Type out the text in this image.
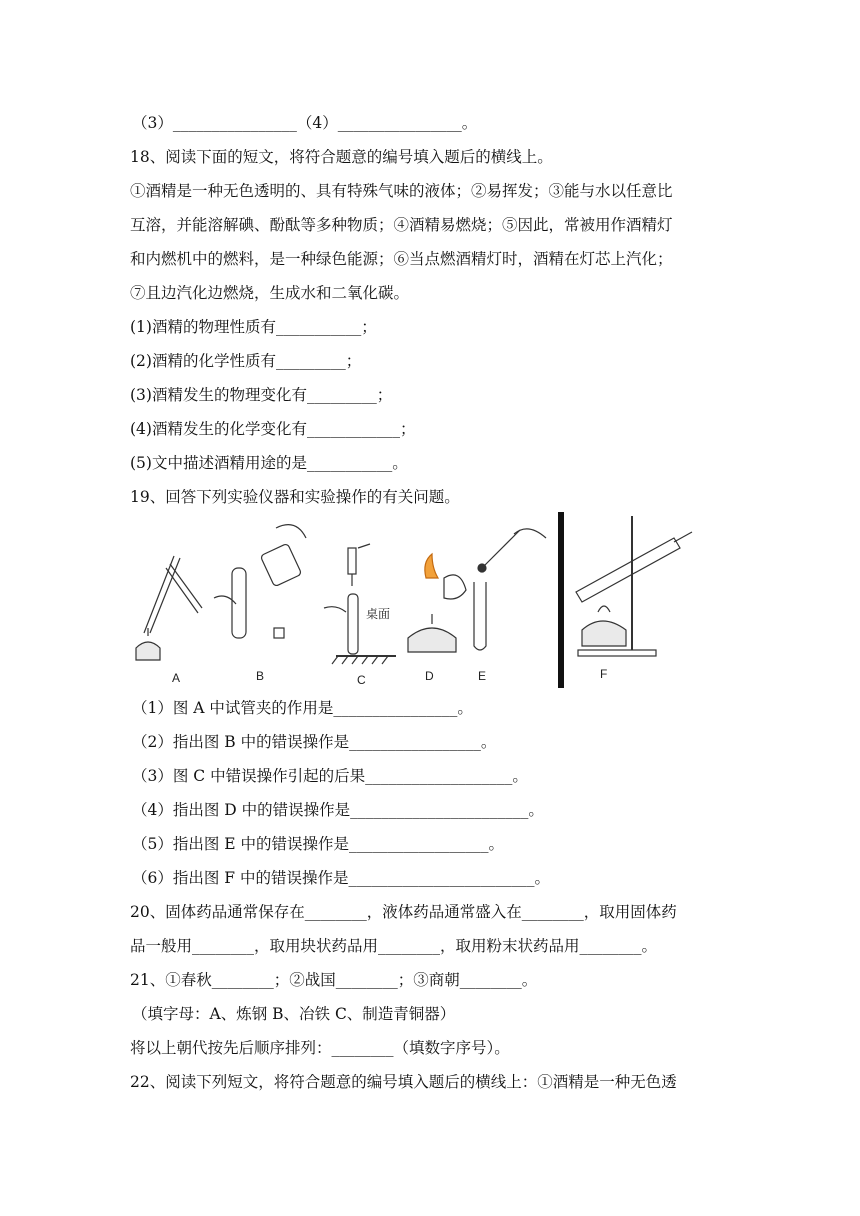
（3）________________（4）________________。
18、阅读下面的短文，将符合题意的编号填入题后的横线上。
①酒精是一种无色透明的、具有特殊气味的液体；②易挥发；③能与水以任意比
互溶，并能溶解碘、酚酞等多种物质；④酒精易燃烧；⑤因此，常被用作酒精灯
和内燃机中的燃料，是一种绿色能源；⑥当点燃酒精灯时，酒精在灯芯上汽化；
⑦且边汽化边燃烧，生成水和二氧化碳。
(1)酒精的物理性质有___________；
(2)酒精的化学性质有_________；
(3)酒精发生的物理变化有_________；
(4)酒精发生的化学变化有____________；
(5)文中描述酒精用途的是___________。
19、回答下列实验仪器和实验操作的有关问题。
桌面
A	B	C	D	E	F
（1）图 A 中试管夹的作用是________________。
（2）指出图 B 中的错误操作是_________________。
（3）图 C 中错误操作引起的后果___________________。
（4）指出图 D 中的错误操作是_______________________。
（5）指出图 E 中的错误操作是__________________。
（6）指出图 F 中的错误操作是________________________。
20、固体药品通常保存在________，液体药品通常盛入在________，取用固体药
品一般用________，取用块状药品用________，取用粉末状药品用________。
21、①春秋________；②战国________；③商朝________。
（填字母：A、炼钢 B、冶铁 C、制造青铜器）
将以上朝代按先后顺序排列：________（填数字序号）。
22、阅读下列短文，将符合题意的编号填入题后的横线上：①酒精是一种无色透
